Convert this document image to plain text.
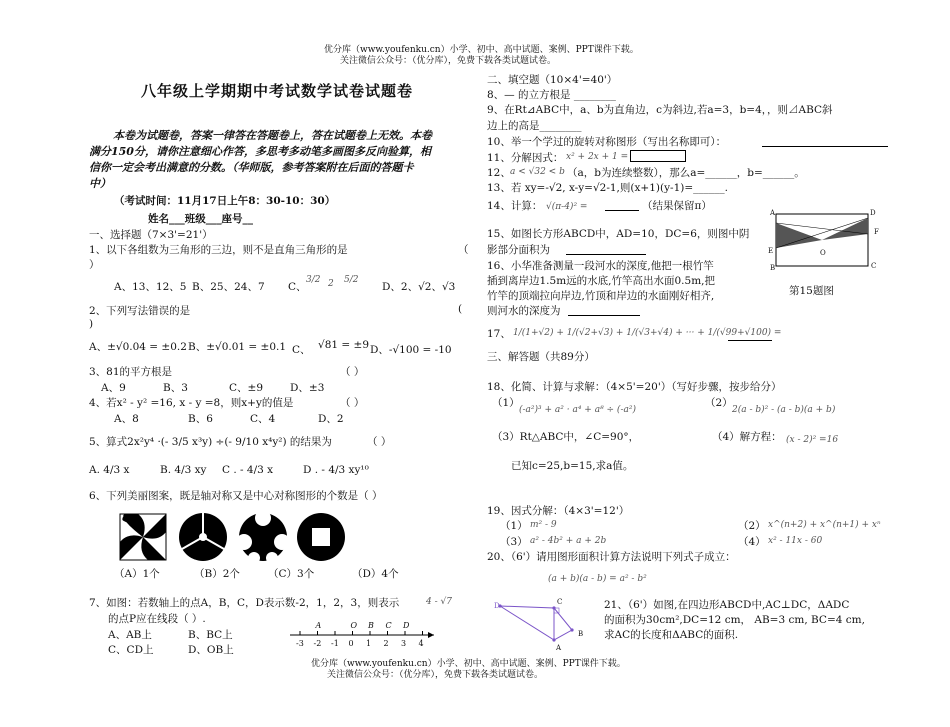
优分库（www.youfenku.cn）小学、初中、高中试题、案例、PPT课件下载。
关注微信公众号：（优分库），免费下载各类试题试卷。
八年级上学期期中考试数学试卷试题卷
本卷为试题卷，答案一律答在答题卷上，答在试题卷上无效。本卷
满分150分，请你注意细心作答，多思考多动笔多画图多反向验算，相
信你一定会考出满意的分数。（华师版，参考答案附在后面的答题卡
中）
（考试时间：11月17日上午8：30-10：30）
姓名___班级___座号__
一、选择题（7×3'=21'）
1、以下各组数为三角形的三边，则不是直角三角形的是	（
）
A、13、12、5 B、25、24、7 C、
3/2 2 5/2
D、2、√2、√3
2、下列写法错误的是	(
)
A、±√0.04 = ±0.2 B、±√0.01 = ±0.1 C、 √81 = ±9 D、-√100 = -10
3、81的平方根是	（ ）
A、9	B、3	C、±9	D、±3
4、若x² - y² =16, x - y =8，则x+y的值是	（ ）
A、8	B、6	C、4	D、2
5、算式2x²y⁴ ·(- 3/5 x³y) ÷(- 9/10 x⁴y²) 的结果为	（ ）
A. 4/3 x	B. 4/3 xy C . - 4/3 x	D . - 4/3 xy¹⁰
6、下列美丽图案，既是轴对称又是中心对称图形的个数是（ ）
（A）1个	（B）2个	（C）3个	（D）4个
7、如图：若数轴上的点A，B，C，D表示数-2，1，2，3，则表示	4 - √7
的点P应在线段（ ）.
A、AB上	B、BC上
C、CD上	D、OB上
A	O B C D
-3 -2 -1 0 1 2 3 4
二、填空题（10×4'=40'）
8、— 的立方根是 ________
9、在Rt⊿ABC中，a、b为直角边，c为斜边,若a=3，b=4，，则⊿ABC斜
边上的高是________
10、举一个学过的旋转对称图形（写出名称即可）：
11、分解因式： x² + 2x + 1 =
12、 a < √32 < b （a，b为连续整数），那么a=______，b=______。
13、若 xy=-√2, x-y=√2-1,则(x+1)(y-1)=______.
14、计算： √(π-4)² =	（结果保留π）
15、如图长方形ABCD中，AD=10，DC=6，则图中阴
影部分面积为
16、小华准备测量一段河水的深度,他把一根竹竿
插到离岸边1.5m远的水底,竹竿高出水面0.5m,把
竹竿的顶端拉向岸边,竹顶和岸边的水面刚好相齐,
则河水的深度为
A	D
E
F
O
B	C
第15题图
17、 1/(1+√2) + 1/(√2+√3) + 1/(√3+√4) + ··· + 1/(√99+√100) =
三、解答题（共89分）
18、化简、计算与求解：（4×5'=20'）（写好步骤，按步给分）
（1）
(-a²)³ + a² · a⁴ + a⁸ ÷ (-a²)
（2）
2(a - b)² - (a - b)(a + b)
（3）Rt△ABC中，∠C=90°，	（4）解方程： (x - 2)² =16
已知c=25,b=15,求a值。
19、因式分解：（4×3'=12'）
（1） m² - 9	（2） x^(n+2) + x^(n+1) + xⁿ
（3） a² - 4b² + a + 2b	（4） x² - 11x - 60
20、（6'）请用图形面积计算方法说明下列式子成立：
(a + b)(a - b) = a² - b²
D	C
B
A
21、（6'）如图,在四边形ABCD中,AC⊥DC，ΔADC
的面积为30cm²,DC=12 cm， AB=3 cm, BC=4 cm,
求AC的长度和ΔABC的面积.
优分库（www.youfenku.cn）小学、初中、高中试题、案例、PPT课件下载。
关注微信公众号：（优分库），免费下载各类试题试卷。
